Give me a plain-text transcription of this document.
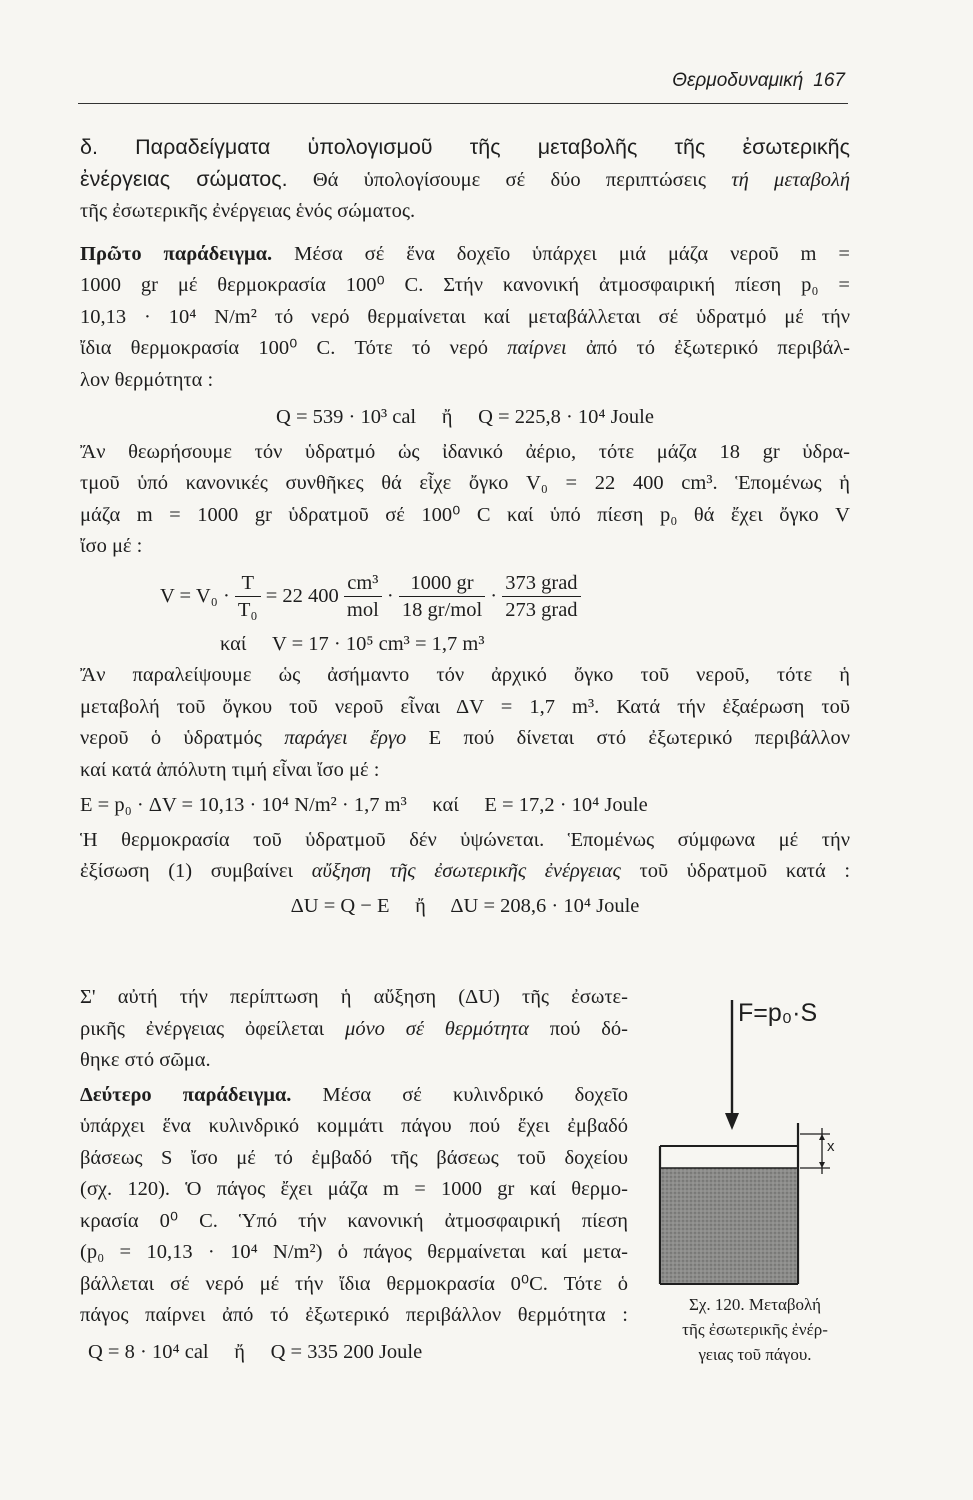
Θερμοδυναμική 167
δ. Παραδείγματα ὑπολογισμοῦ τῆς μεταβολῆς τῆς ἐσωτερικῆς
ἐνέργειας σώματος. Θά ὑπολογίσουμε σέ δύο περιπτώσεις τή μεταβολή
τῆς ἐσωτερικῆς ἐνέργειας ἑνός σώματος.
Πρῶτο παράδειγμα. Μέσα σέ ἕνα δοχεῖο ὑπάρχει μιά μάζα νεροῦ m =
1000 gr μέ θερμοκρασία 100⁰ C. Στήν κανονική ἀτμοσφαιρική πίεση p₀ =
10,13 · 10⁴ N/m² τό νερό θερμαίνεται καί μεταβάλλεται σέ ὑδρατμό μέ τήν
ἴδια θερμοκρασία 100⁰ C. Τότε τό νερό παίρνει ἀπό τό ἐξωτερικό περιβάλ-
λον θερμότητα :
Q = 539 · 10³ cal     ἤ     Q = 225,8 · 10⁴ Joule
Ἄν θεωρήσουμε τόν ὑδρατμό ὡς ἰδανικό ἀέριο, τότε μάζα 18 gr ὑδρα-
τμοῦ ὑπό κανονικές συνθῆκες θά εἶχε ὄγκο V₀ = 22 400 cm³. Ἑπομένως ἡ
μάζα m = 1000 gr ὑδρατμοῦ σέ 100⁰ C καί ὑπό πίεση p₀ θά ἔχει ὄγκο V
ἴσο μέ :
$V = V_0 \cdot \frac{T}{\text{T₀}} = 22$ $400 \frac{\text{cm³}}{\text{mol}} \cdot \frac{1000 gr}{\text{18 gr/mol}} \cdot \frac{\text{373 grad}}{\text{273 grad}}$
καί     V = 17 · 10⁵ cm³ = 1,7 m³
Ἄν παραλείψουμε ὡς ἀσήμαντο τόν ἀρχικό ὄγκο τοῦ νεροῦ, τότε ἡ
μεταβολή τοῦ ὄγκου τοῦ νεροῦ εἶναι ΔV = 1,7 m³. Κατά τήν ἐξαέρωση τοῦ
νεροῦ ὁ ὑδρατμός παράγει ἔργο E πού δίνεται στό ἐξωτερικό περιβάλλον
καί κατά ἀπόλυτη τιμή εἶναι ἴσο μέ :
E = p₀ · ΔV = 10,13 · 10⁴ N/m² · 1,7 m³     καί     E = 17,2 · 10⁴ Joule
Ἡ θερμοκρασία τοῦ ὑδρατμοῦ δέν ὑψώνεται. Ἑπομένως σύμφωνα μέ τήν
ἐξίσωση (1) συμβαίνει αὔξηση τῆς ἐσωτερικῆς ἐνέργειας τοῦ ὑδρατμοῦ κατά :
ΔU = Q − E     ἤ     ΔU = 208,6 · 10⁴ Joule
Σ' αὐτή τήν περίπτωση ἡ αὔξηση (ΔU) τῆς ἐσωτε-
ρικῆς ἐνέργειας ὀφείλεται μόνο σέ θερμότητα πού δό-
θηκε στό σῶμα.
Δεύτερο παράδειγμα. Μέσα σέ κυλινδρικό δοχεῖο
ὑπάρχει ἕνα κυλινδρικό κομμάτι πάγου πού ἔχει ἐμβαδό
βάσεως S ἴσο μέ τό ἐμβαδό τῆς βάσεως τοῦ δοχείου
(σχ. 120). Ὁ πάγος ἔχει μάζα m = 1000 gr καί θερμο-
κρασία 0⁰ C. Ὑπό τήν κανονική ἀτμοσφαιρική πίεση
(p₀ = 10,13 · 10⁴ N/m²) ὁ πάγος θερμαίνεται καί μετα-
βάλλεται σέ νερό μέ τήν ἴδια θερμοκρασία 0⁰C. Τότε ὁ
πάγος παίρνει ἀπό τό ἐξωτερικό περιβάλλον θερμότητα :
Q = 8 · 10⁴ cal     ἤ     Q = 335 200 Joule
F=p₀·S
x
Σχ. 120. Μεταβολή
τῆς ἐσωτερικῆς ἐνέρ-
γειας τοῦ πάγου.
